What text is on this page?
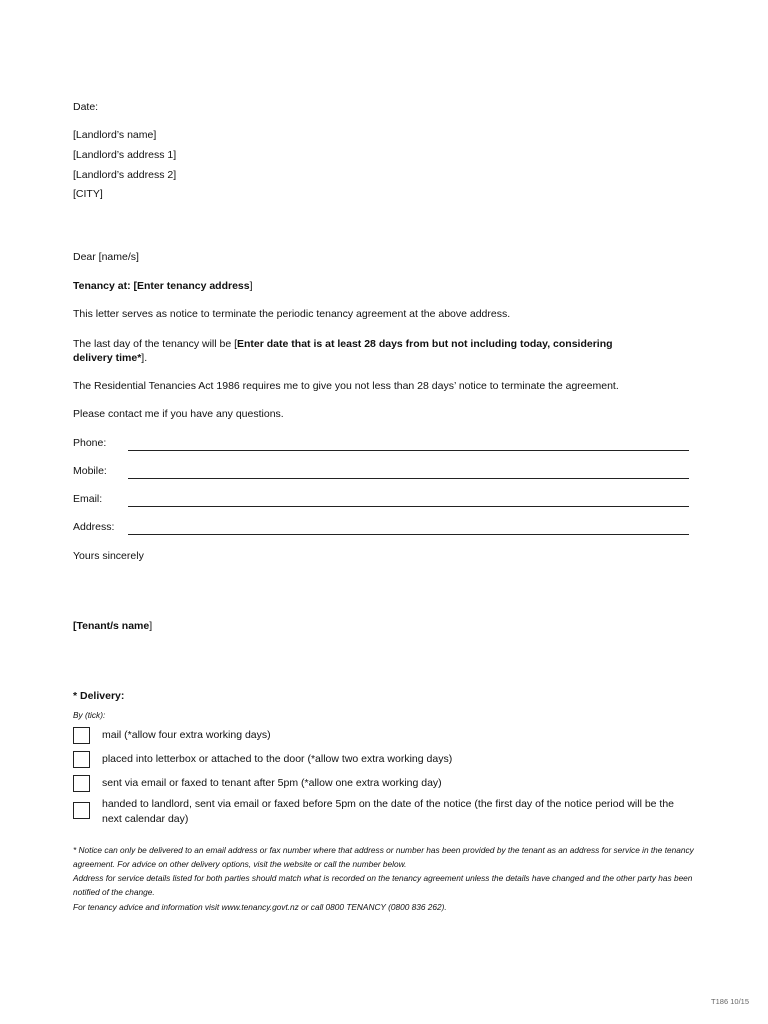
Date:
[Landlord’s name]
[Landlord’s address 1]
[Landlord’s address 2]
[CITY]
Dear [name/s]
Tenancy at: [Enter tenancy address]
This letter serves as notice to terminate the periodic tenancy agreement at the above address.
The last day of the tenancy will be [Enter date that is at least 28 days from but not including today, considering
delivery time*].
The Residential Tenancies Act 1986 requires me to give you not less than 28 days’ notice to terminate the agreement.
Please contact me if you have any questions.
Phone:
Mobile:
Email:
Address:
Yours sincerely
[Tenant/s name]
* Delivery:
By (tick):
mail (*allow four extra working days)
placed into letterbox or attached to the door (*allow two extra working days)
sent via email or faxed to tenant after 5pm (*allow one extra working day)
handed to landlord, sent via email or faxed before 5pm on the date of the notice (the first day of the notice period will be the next calendar day)
* Notice can only be delivered to an email address or fax number where that address or number has been provided by the tenant as an address for service in the tenancy agreement. For advice on other delivery options, visit the website or call the number below.
Address for service details listed for both parties should match what is recorded on the tenancy agreement unless the details have changed and the other party has been notified of the change.
For tenancy advice and information visit www.tenancy.govt.nz or call 0800 TENANCY (0800 836 262).
T186 10/15
